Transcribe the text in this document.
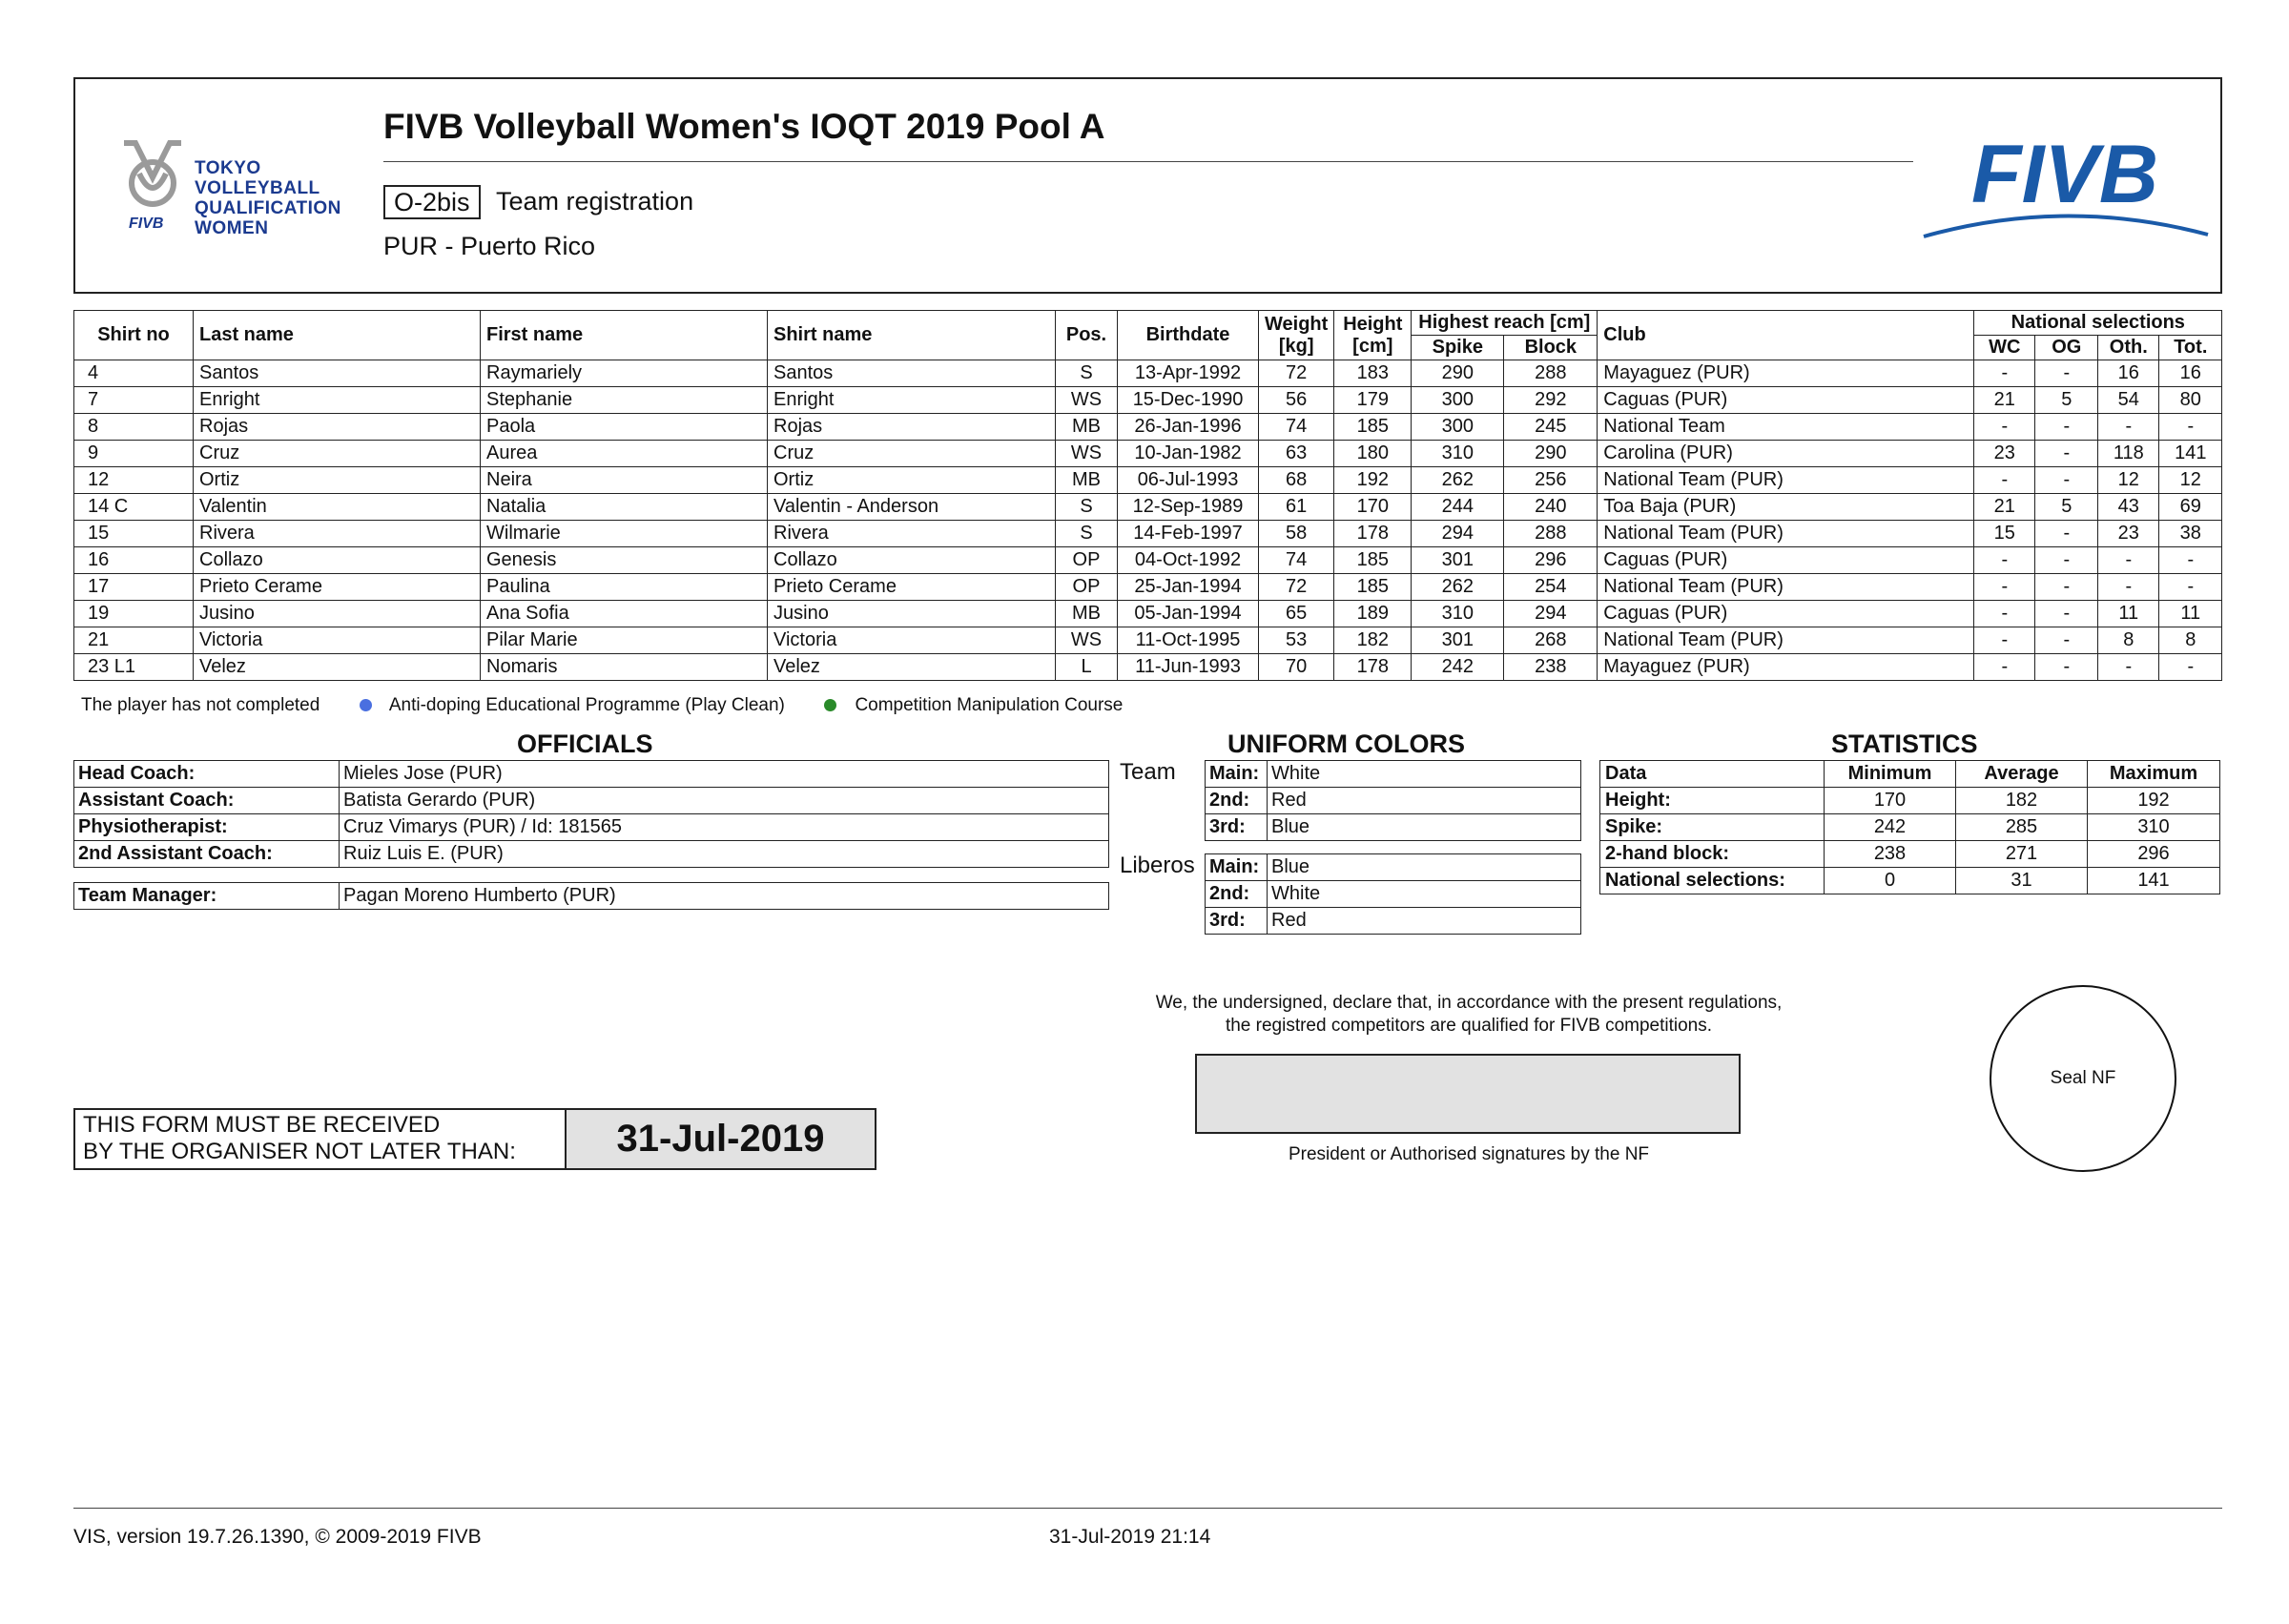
TOKYO
VOLLEYBALL
QUALIFICATION
WOMEN
FIVB
FIVB Volleyball Women's IOQT 2019 Pool A
O-2bis	Team registration
PUR - Puerto Rico
FIVB
Shirt no	Last name	First name	Shirt name	Pos.	Birthdate	Weight [kg]	Height [cm]	Highest reach [cm]		Club	National selections			
								Spike	Block		WC	OG	Oth.	Tot.
4	Santos	Raymariely	Santos	S	13-Apr-1992	72	183	290	288	Mayaguez (PUR)	-	-	16	16
7	Enright	Stephanie	Enright	WS	15-Dec-1990	56	179	300	292	Caguas (PUR)	21	5	54	80
8	Rojas	Paola	Rojas	MB	26-Jan-1996	74	185	300	245	National Team	-	-	-	-
9	Cruz	Aurea	Cruz	WS	10-Jan-1982	63	180	310	290	Carolina (PUR)	23	-	118	141
12	Ortiz	Neira	Ortiz	MB	06-Jul-1993	68	192	262	256	National Team (PUR)	-	-	12	12
14 C	Valentin	Natalia	Valentin - Anderson	S	12-Sep-1989	61	170	244	240	Toa Baja (PUR)	21	5	43	69
15	Rivera	Wilmarie	Rivera	S	14-Feb-1997	58	178	294	288	National Team (PUR)	15	-	23	38
16	Collazo	Genesis	Collazo	OP	04-Oct-1992	74	185	301	296	Caguas (PUR)	-	-	-	-
17	Prieto Cerame	Paulina	Prieto Cerame	OP	25-Jan-1994	72	185	262	254	National Team (PUR)	-	-	-	-
19	Jusino	Ana Sofia	Jusino	MB	05-Jan-1994	65	189	310	294	Caguas (PUR)	-	-	11	11
21	Victoria	Pilar Marie	Victoria	WS	11-Oct-1995	53	182	301	268	National Team (PUR)	-	-	8	8
23 L1	Velez	Nomaris	Velez	L	11-Jun-1993	70	178	242	238	Mayaguez (PUR)	-	-	-	-
The player has not completed	Anti-doping Educational Programme (Play Clean)	Competition Manipulation Course
OFFICIALS
Head Coach:	Mieles Jose (PUR)
Assistant Coach:	Batista Gerardo (PUR)
Physiotherapist:	Cruz Vimarys (PUR) / Id: 181565
2nd Assistant Coach:	Ruiz Luis E. (PUR)
Team Manager:	Pagan Moreno Humberto (PUR)
UNIFORM COLORS
Team Main:	White
2nd:	Red
3rd:	Blue
Liberos Main:	Blue
2nd:	White
3rd:	Red
STATISTICS
Data	Minimum	Average	Maximum
Height:	170	182	192
Spike:	242	285	310
2-hand block:	238	271	296
National selections:	0	31	141
We, the undersigned, declare that, in accordance with the present regulations,
the registred competitors are qualified for FIVB competitions.
President or Authorised signatures by the NF
Seal NF
THIS FORM MUST BE RECEIVED
BY THE ORGANISER NOT LATER THAN:	31-Jul-2019
VIS, version 19.7.26.1390, © 2009-2019 FIVB	31-Jul-2019 21:14
